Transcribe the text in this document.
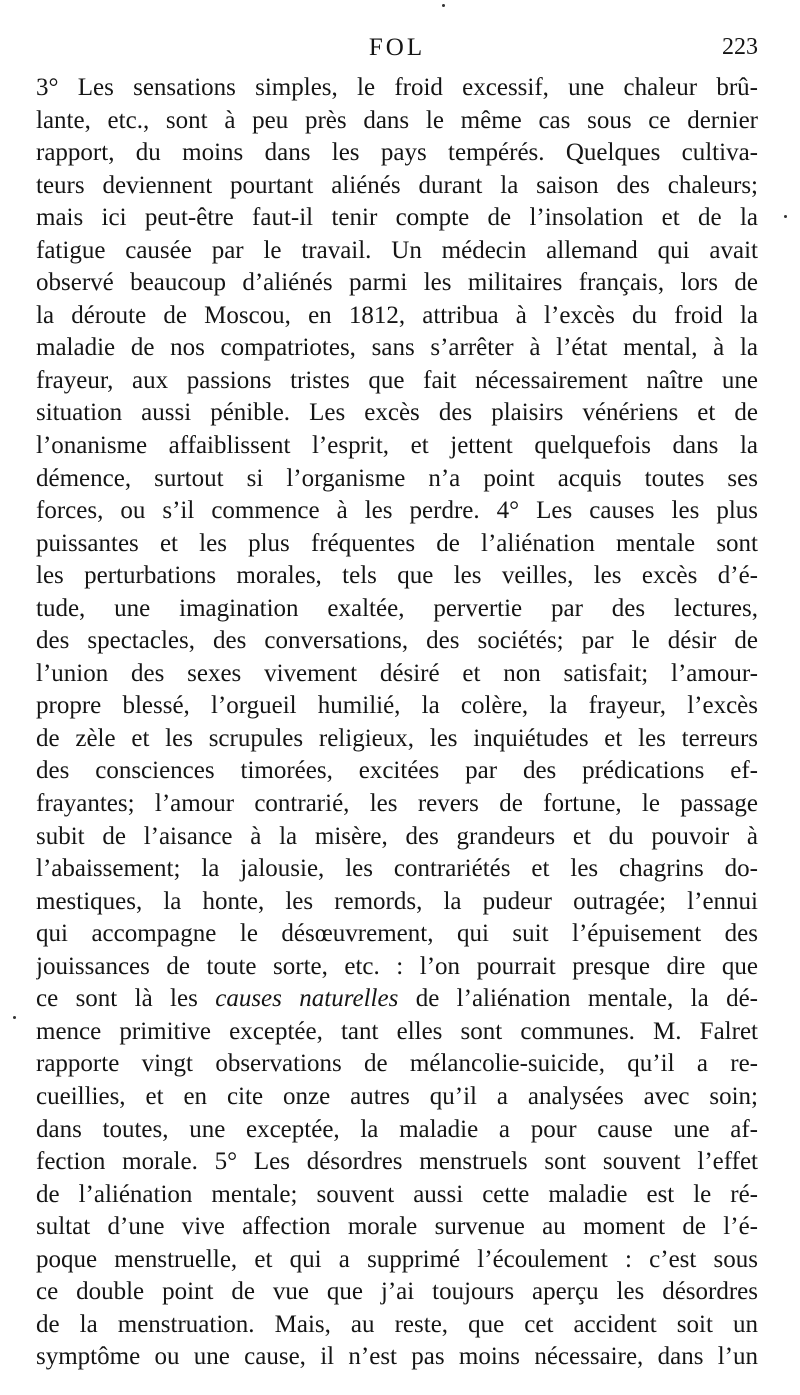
FOL	223
3° Les sensations simples, le froid excessif, une chaleur brû-
lante, etc., sont à peu près dans le même cas sous ce dernier
rapport, du moins dans les pays tempérés. Quelques cultiva-
teurs deviennent pourtant aliénés durant la saison des chaleurs;
mais ici peut-être faut-il tenir compte de l’insolation et de la
fatigue causée par le travail. Un médecin allemand qui avait
observé beaucoup d’aliénés parmi les militaires français, lors de
la déroute de Moscou, en 1812, attribua à l’excès du froid la
maladie de nos compatriotes, sans s’arrêter à l’état mental, à la
frayeur, aux passions tristes que fait nécessairement naître une
situation aussi pénible. Les excès des plaisirs vénériens et de
l’onanisme affaiblissent l’esprit, et jettent quelquefois dans la
démence, surtout si l’organisme n’a point acquis toutes ses
forces, ou s’il commence à les perdre. 4° Les causes les plus
puissantes et les plus fréquentes de l’aliénation mentale sont
les perturbations morales, tels que les veilles, les excès d’é-
tude, une imagination exaltée, pervertie par des lectures,
des spectacles, des conversations, des sociétés; par le désir de
l’union des sexes vivement désiré et non satisfait; l’amour-
propre blessé, l’orgueil humilié, la colère, la frayeur, l’excès
de zèle et les scrupules religieux, les inquiétudes et les terreurs
des consciences timorées, excitées par des prédications ef-
frayantes; l’amour contrarié, les revers de fortune, le passage
subit de l’aisance à la misère, des grandeurs et du pouvoir à
l’abaissement; la jalousie, les contrariétés et les chagrins do-
mestiques, la honte, les remords, la pudeur outragée; l’ennui
qui accompagne le désœuvrement, qui suit l’épuisement des
jouissances de toute sorte, etc. : l’on pourrait presque dire que
ce sont là les causes naturelles de l’aliénation mentale, la dé-
mence primitive exceptée, tant elles sont communes. M. Falret
rapporte vingt observations de mélancolie-suicide, qu’il a re-
cueillies, et en cite onze autres qu’il a analysées avec soin;
dans toutes, une exceptée, la maladie a pour cause une af-
fection morale. 5° Les désordres menstruels sont souvent l’effet
de l’aliénation mentale; souvent aussi cette maladie est le ré-
sultat d’une vive affection morale survenue au moment de l’é-
poque menstruelle, et qui a supprimé l’écoulement : c’est sous
ce double point de vue que j’ai toujours aperçu les désordres
de la menstruation. Mais, au reste, que cet accident soit un
symptôme ou une cause, il n’est pas moins nécessaire, dans l’un
